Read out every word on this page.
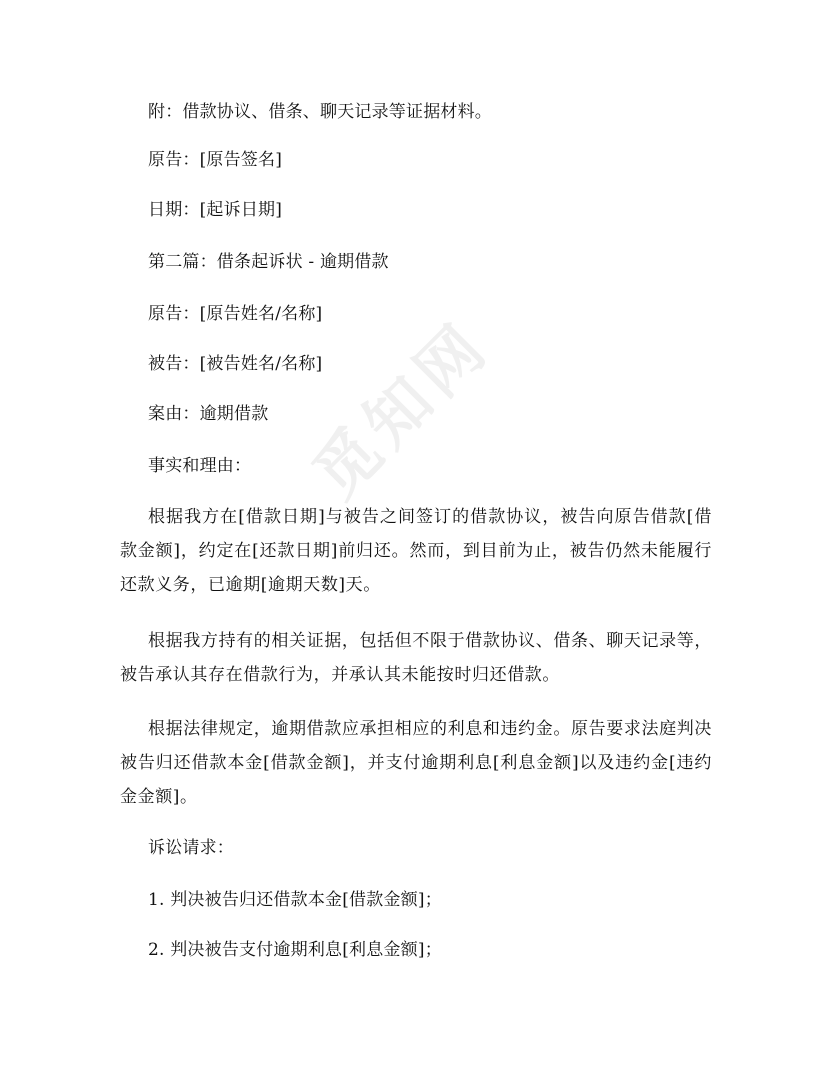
觅知网
附：借款协议、借条、聊天记录等证据材料。
原告：[原告签名]
日期：[起诉日期]
第二篇：借条起诉状 - 逾期借款
原告：[原告姓名/名称]
被告：[被告姓名/名称]
案由：逾期借款
事实和理由：
根据我方在[借款日期]与被告之间签订的借款协议，被告向原告借款[借款金额]，约定在[还款日期]前归还。然而，到目前为止，被告仍然未能履行还款义务，已逾期[逾期天数]天。
根据我方持有的相关证据，包括但不限于借款协议、借条、聊天记录等，被告承认其存在借款行为，并承认其未能按时归还借款。
根据法律规定，逾期借款应承担相应的利息和违约金。原告要求法庭判决被告归还借款本金[借款金额]，并支付逾期利息[利息金额]以及违约金[违约金金额]。
诉讼请求：
1. 判决被告归还借款本金[借款金额]；
2. 判决被告支付逾期利息[利息金额]；
